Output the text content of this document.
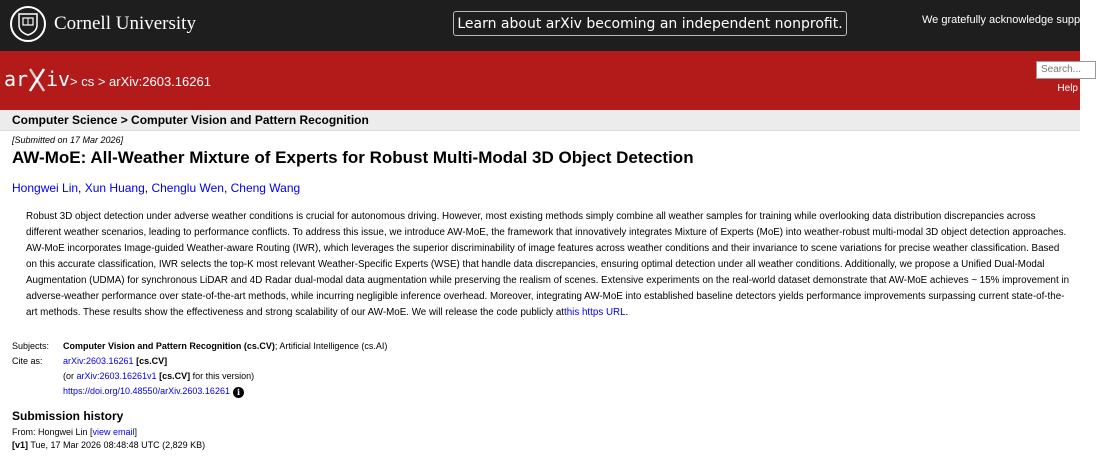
Cornell University	Learn about arXiv becoming an independent nonprofit.	We gratefully acknowledge support from
ar iv > cs > arXiv:2603.16261
Search...
Help
Computer Science > Computer Vision and Pattern Recognition
[Submitted on 17 Mar 2026]
AW-MoE: All-Weather Mixture of Experts for Robust Multi-Modal 3D Object Detection
Hongwei Lin, Xun Huang, Chenglu Wen, Cheng Wang
Robust 3D object detection under adverse weather conditions is crucial for autonomous driving. However, most existing methods simply combine all weather samples for training while overlooking data distribution discrepancies across different weather scenarios, leading to performance conflicts. To address this issue, we introduce AW-MoE, the framework that innovatively integrates Mixture of Experts (MoE) into weather-robust multi-modal 3D object detection approaches. AW-MoE incorporates Image-guided Weather-aware Routing (IWR), which leverages the superior discriminability of image features across weather conditions and their invariance to scene variations for precise weather classification. Based on this accurate classification, IWR selects the top-K most relevant Weather-Specific Experts (WSE) that handle data discrepancies, ensuring optimal detection under all weather conditions. Additionally, we propose a Unified Dual-Modal Augmentation (UDMA) for synchronous LiDAR and 4D Radar dual-modal data augmentation while preserving the realism of scenes. Extensive experiments on the real-world dataset demonstrate that AW-MoE achieves ~ 15% improvement in adverse-weather performance over state-of-the-art methods, while incurring negligible inference overhead. Moreover, integrating AW-MoE into established baseline detectors yields performance improvements surpassing current state-of-the-art methods. These results show the effectiveness and strong scalability of our AW-MoE. We will release the code publicly atthis https URL.
Subjects:	Computer Vision and Pattern Recognition (cs.CV); Artificial Intelligence (cs.AI)
Cite as:	arXiv:2603.16261 [cs.CV]
(or arXiv:2603.16261v1 [cs.CV] for this version)
https://doi.org/10.48550/arXiv.2603.16261 i
Submission history
From: Hongwei Lin [view email]
[v1] Tue, 17 Mar 2026 08:48:48 UTC (2,829 KB)
